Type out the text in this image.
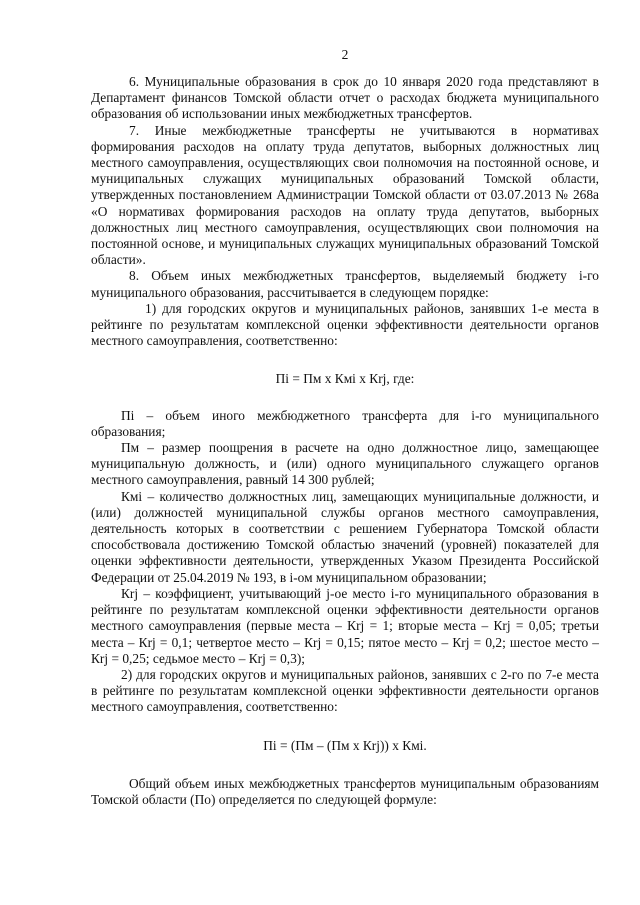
2

6. Муниципальные образования в срок до 10 января 2020 года представляют в Департамент финансов Томской области отчет о расходах бюджета муниципального образования об использовании иных межбюджетных трансфертов.

7. Иные межбюджетные трансферты не учитываются в нормативах формирования расходов на оплату труда депутатов, выборных должностных лиц местного самоуправления, осуществляющих свои полномочия на постоянной основе, и муниципальных служащих муниципальных образований Томской области, утвержденных постановлением Администрации Томской области от 03.07.2013 № 268а «О нормативах формирования расходов на оплату труда депутатов, выборных должностных лиц местного самоуправления, осуществляющих свои полномочия на постоянной основе, и муниципальных служащих муниципальных образований Томской области».

8. Объем иных межбюджетных трансфертов, выделяемый бюджету i-го муниципального образования, рассчитывается в следующем порядке:

1) для городских округов и муниципальных районов, занявших 1-е места в рейтинге по результатам комплексной оценки эффективности деятельности органов местного самоуправления, соответственно:

Пi = Пм х Кмi х Кrj, где:

Пi – объем иного межбюджетного трансферта для i-го муниципального образования;

Пм – размер поощрения в расчете на одно должностное лицо, замещающее муниципальную должность, и (или) одного муниципального служащего органов местного самоуправления, равный 14 300 рублей;

Кмi – количество должностных лиц, замещающих муниципальные должности, и (или) должностей муниципальной службы органов местного самоуправления, деятельность которых в соответствии с решением Губернатора Томской области способствовала достижению Томской областью значений (уровней) показателей для оценки эффективности деятельности, утвержденных Указом Президента Российской Федерации от 25.04.2019 № 193, в i-ом муниципальном образовании;

Кrj – коэффициент, учитывающий j-ое место i-го муниципального образования в рейтинге по результатам комплексной оценки эффективности деятельности органов местного самоуправления (первые места – Кrj = 1; вторые места – Кrj = 0,05; третьи места – Кrj = 0,1; четвертое место – Кrj = 0,15; пятое место – Кrj = 0,2; шестое место – Кrj = 0,25; седьмое место – Кrj = 0,3);

2) для городских округов и муниципальных районов, занявших с 2-го по 7-е места в рейтинге по результатам комплексной оценки эффективности деятельности органов местного самоуправления, соответственно:

Пi = (Пм – (Пм х Кrj)) х Кмi.

Общий объем иных межбюджетных трансфертов муниципальным образованиям Томской области (По) определяется по следующей формуле:
